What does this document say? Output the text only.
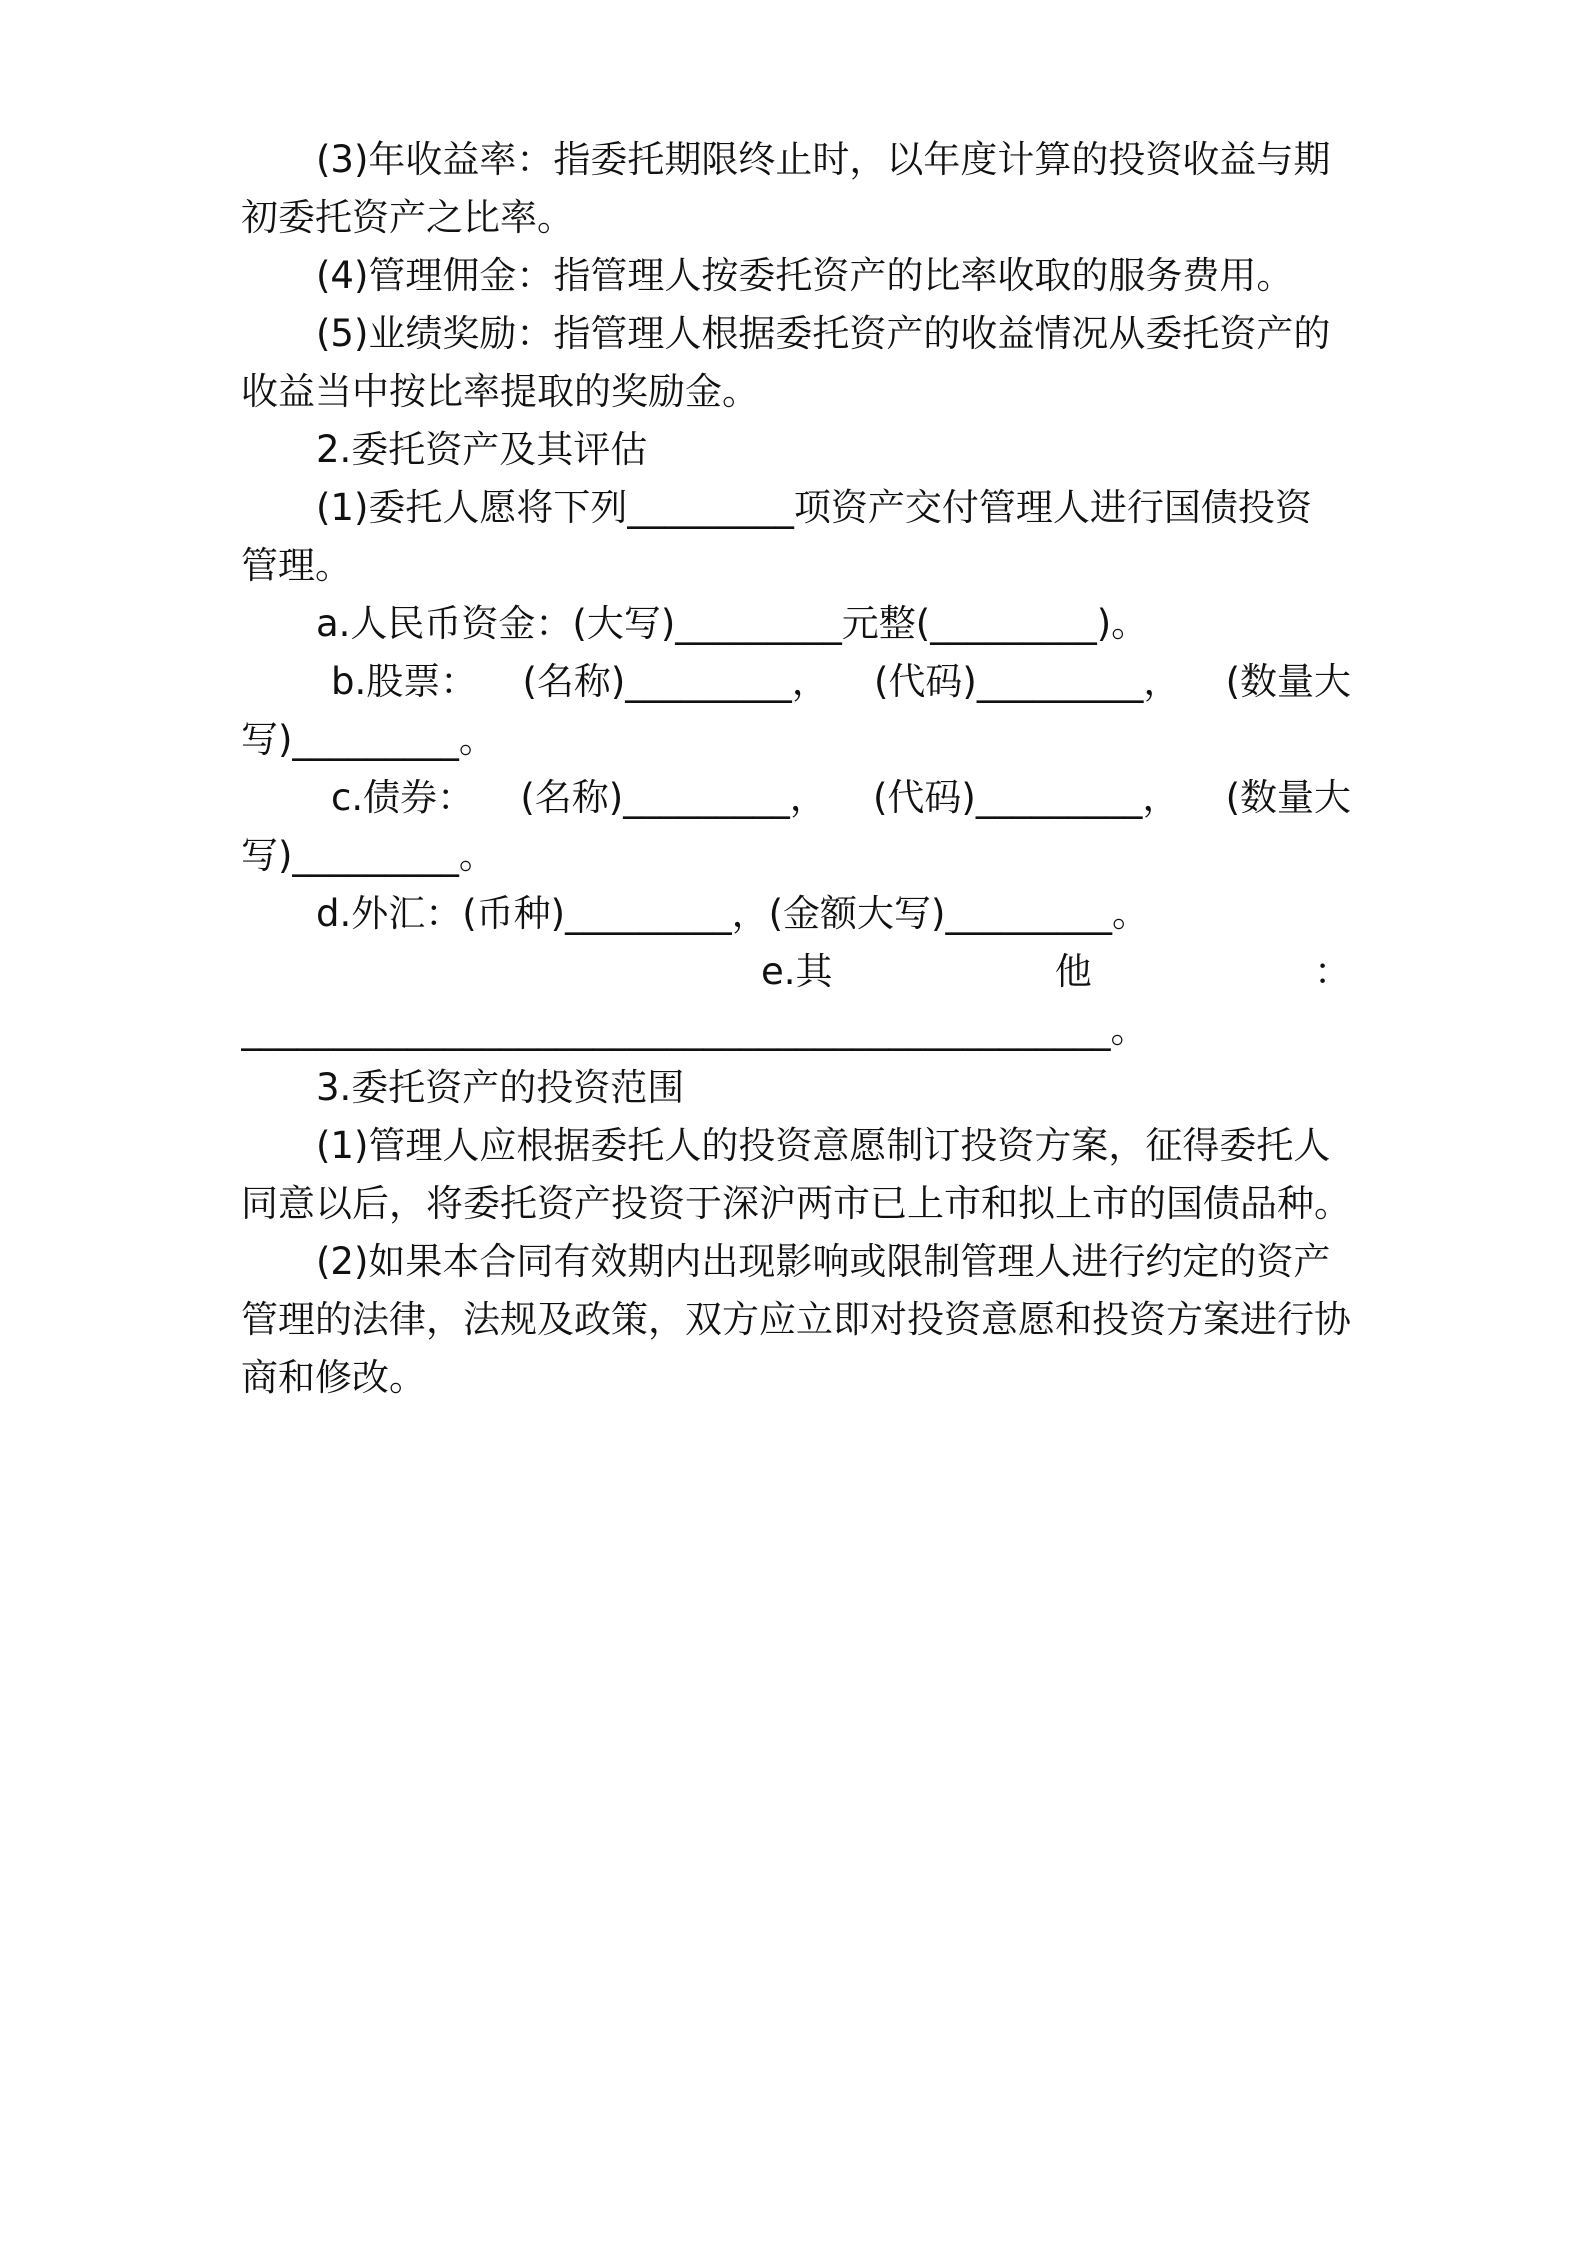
(3)年收益率：指委托期限终止时，以年度计算的投资收益与期
初委托资产之比率。
(4)管理佣金：指管理人按委托资产的比率收取的服务费用。
(5)业绩奖励：指管理人根据委托资产的收益情况从委托资产的
收益当中按比率提取的奖励金。
2.委托资产及其评估
(1)委托人愿将下列_________项资产交付管理人进行国债投资
管理。
a.人民币资金：(大写)_________元整(_________)。
b.股票： (名称)_________， (代码)_________， (数量大
写)_________。
c.债券： (名称)_________， (代码)_________， (数量大
写)_________。
d.外汇：(币种)_________，(金额大写)_________。
e.其	他	：
_______________________________________________。
3.委托资产的投资范围
(1)管理人应根据委托人的投资意愿制订投资方案，征得委托人
同意以后，将委托资产投资于深沪两市已上市和拟上市的国债品种。
(2)如果本合同有效期内出现影响或限制管理人进行约定的资产
管理的法律，法规及政策，双方应立即对投资意愿和投资方案进行协
商和修改。
